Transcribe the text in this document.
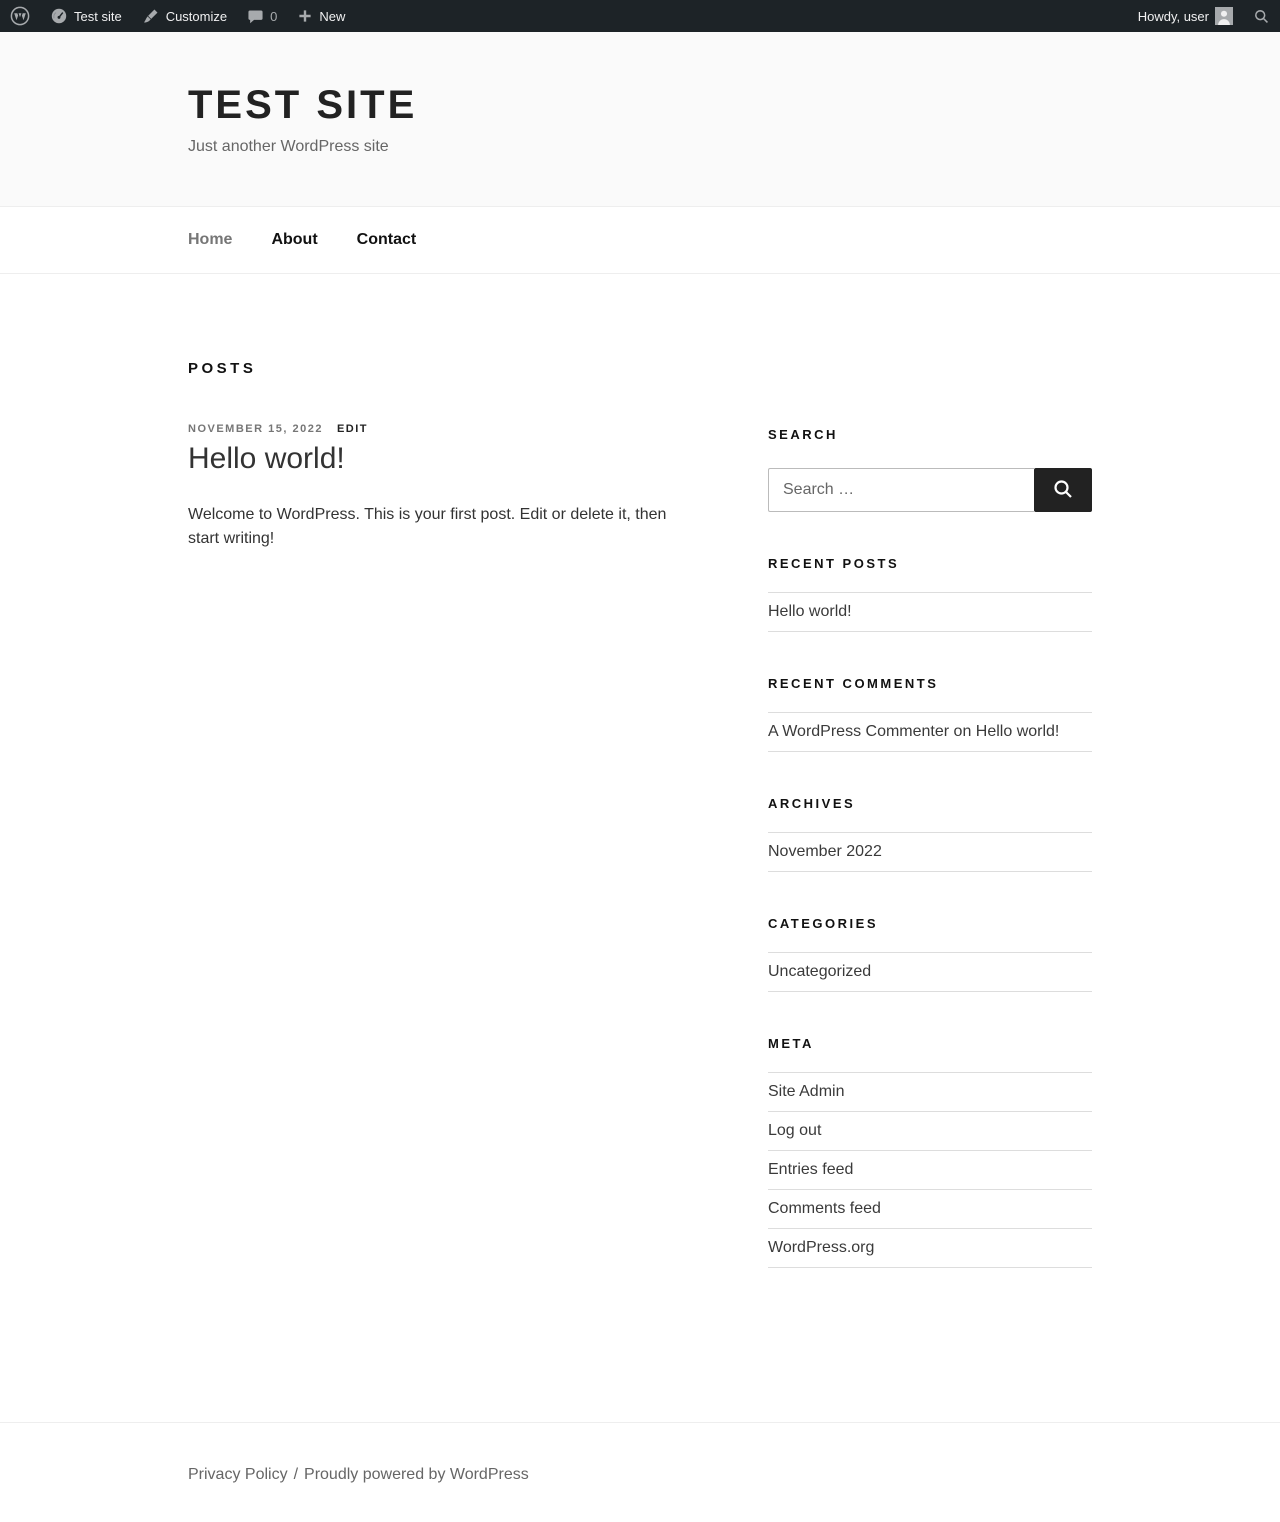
Test site	Customize	0	New	Howdy, user
TEST SITE
Just another WordPress site
Home About Contact
POSTS
NOVEMBER 15, 2022 EDIT
Hello world!

Welcome to WordPress. This is your first post. Edit or delete it, then start writing!

SEARCH
Search …
RECENT POSTS
Hello world!
RECENT COMMENTS
A WordPress Commenter on Hello world!
ARCHIVES
November 2022
CATEGORIES
Uncategorized
META
Site Admin
Log out
Entries feed
Comments feed
WordPress.org
Privacy Policy / Proudly powered by WordPress
